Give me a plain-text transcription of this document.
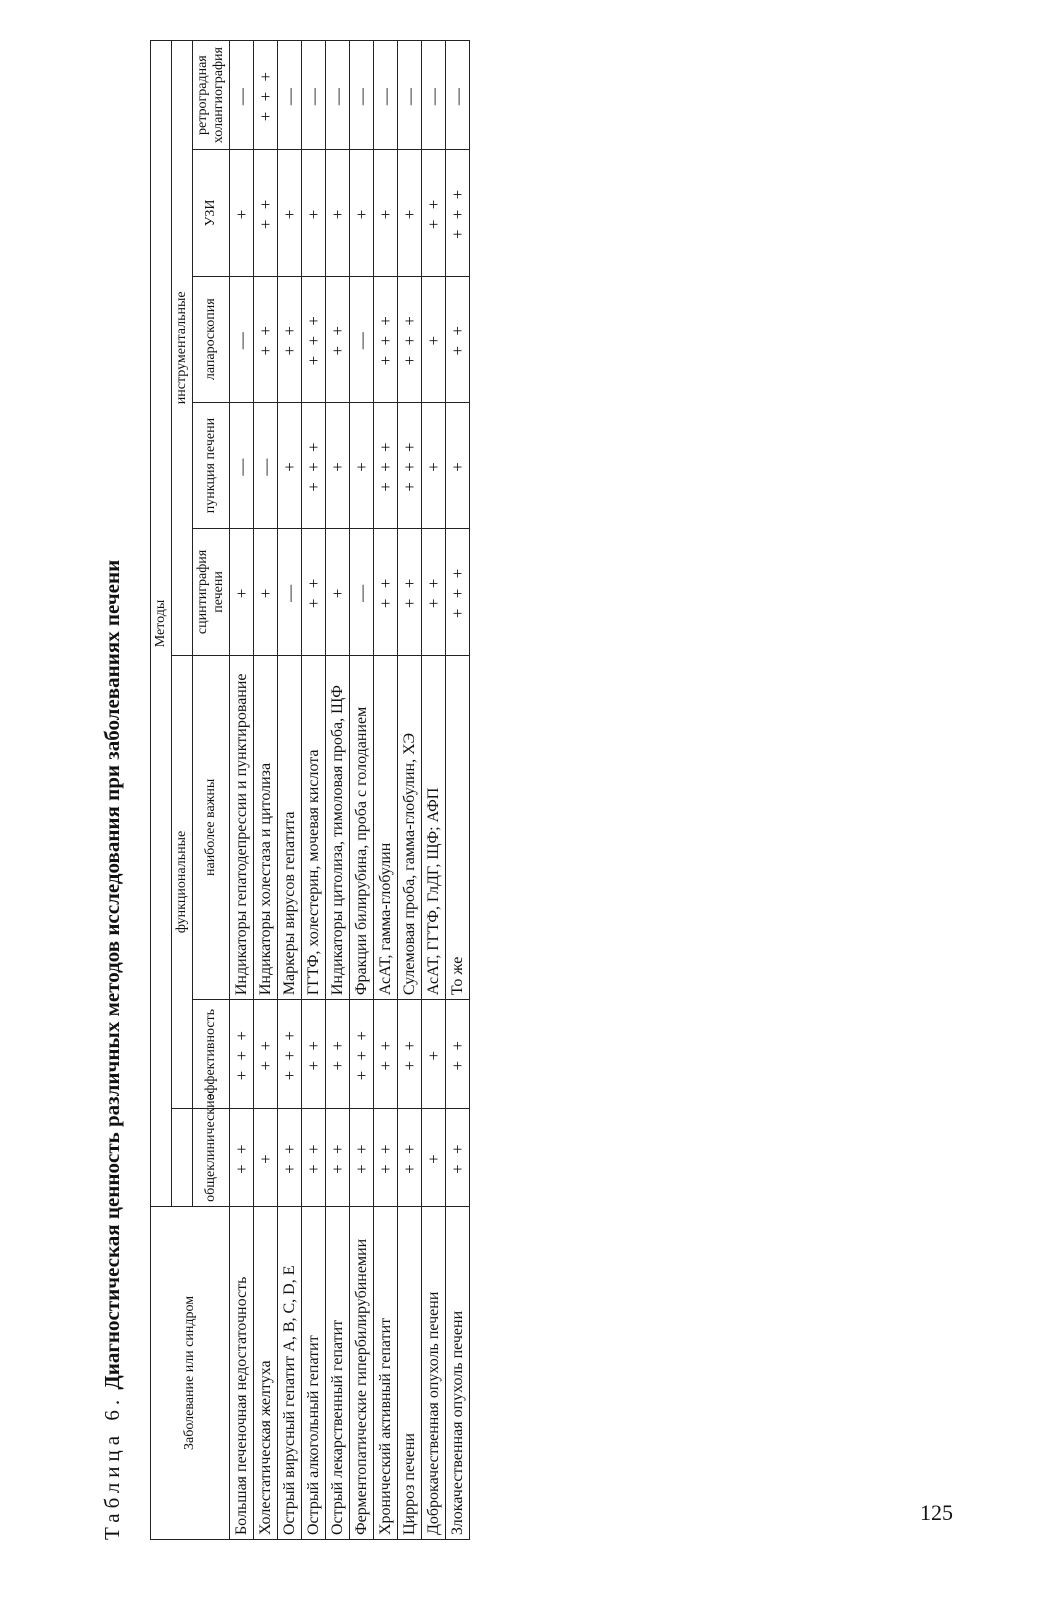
Таблица 6. Диагностическая ценность различных методов исследования при заболеваниях печени	Заболевание или синдром	Методы							
		функциональные		инструментальные				
	общеклинические	эффективность	наиболее важны	сцинтиграфия печени	пункция печени	лапароскопия	УЗИ	ретроградная холангиография
Большая печеночная недостаточность	+ +	+ + +	Индикаторы гепатодепрессии и пунктирование	+	—	—	+	—
Холестатическая желтуха	+	+ +	Индикаторы холестаза и цитолиза	+	—	+ +	+ +	+ + +
Острый вирусный гепатит A, B, C, D, E	+ +	+ + +	Маркеры вирусов гепатита	—	+	+ +	+	—
Острый алкогольный гепатит	+ +	+ +	ГГТФ, холестерин, мочевая кислота	+ +	+ + +	+ + +	+	—
Острый лекарственный гепатит	+ +	+ +	Индикаторы цитолиза, тимоловая проба, ЩФ	+	+	+ +	+	—
Ферментопатические гипербилирубинемии	+ +	+ + +	Фракции билирубина, проба с голоданием	—	+	—	+	—
Хронический активный гепатит	+ +	+ +	АсАТ, гамма-глобулин	+ +	+ + +	+ + +	+	—
Цирроз печени	+ +	+ +	Сулемовая проба, гамма-глобулин, ХЭ	+ +	+ + +	+ + +	+	—
Доброкачественная опухоль печени	+	+	АсАТ, ГГТФ, ГлДГ, ЩФ; АФП	+ +	+	+	+ +	—
Злокачественная опухоль печени	+ +	+ +	То же	+ + +	+	+ +	+ + +	—
125
